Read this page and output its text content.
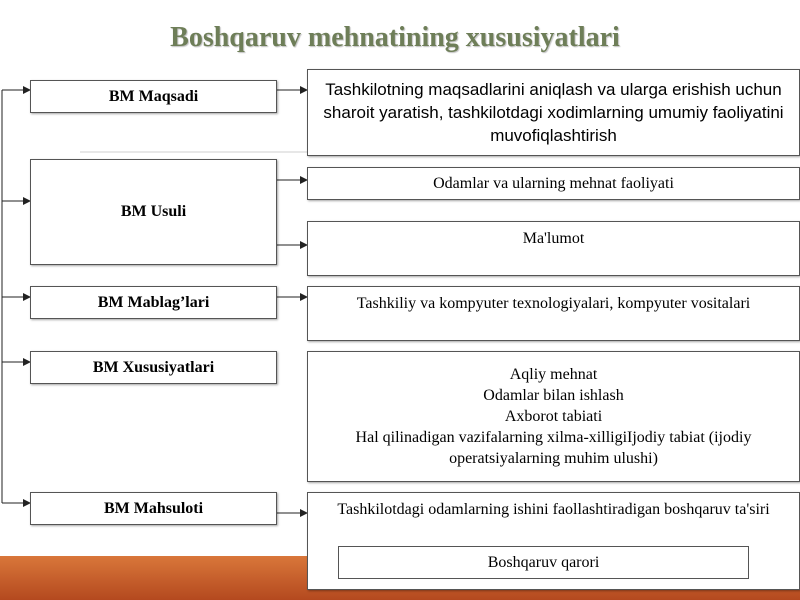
Boshqaruv mehnatining xususiyatlari
BM Maqsadi
BM Usuli
BM Mablag’lari
BM Xususiyatlari
BM Mahsuloti
Tashkilotning maqsadlarini aniqlash va ularga erishish uchun sharoit yaratish, tashkilotdagi xodimlarning umumiy faoliyatini muvofiqlashtirish
Odamlar va ularning mehnat faoliyati
Ma'lumot
Tashkiliy va kompyuter texnologiyalari, kompyuter vositalari
Aqliy mehnat
Odamlar bilan ishlash
Axborot tabiati
Hal qilinadigan vazifalarning xilma-xilligiIjodiy tabiat (ijodiy operatsiyalarning muhim ulushi)
Tashkilotdagi odamlarning ishini faollashtiradigan boshqaruv ta'siri
Boshqaruv qarori
